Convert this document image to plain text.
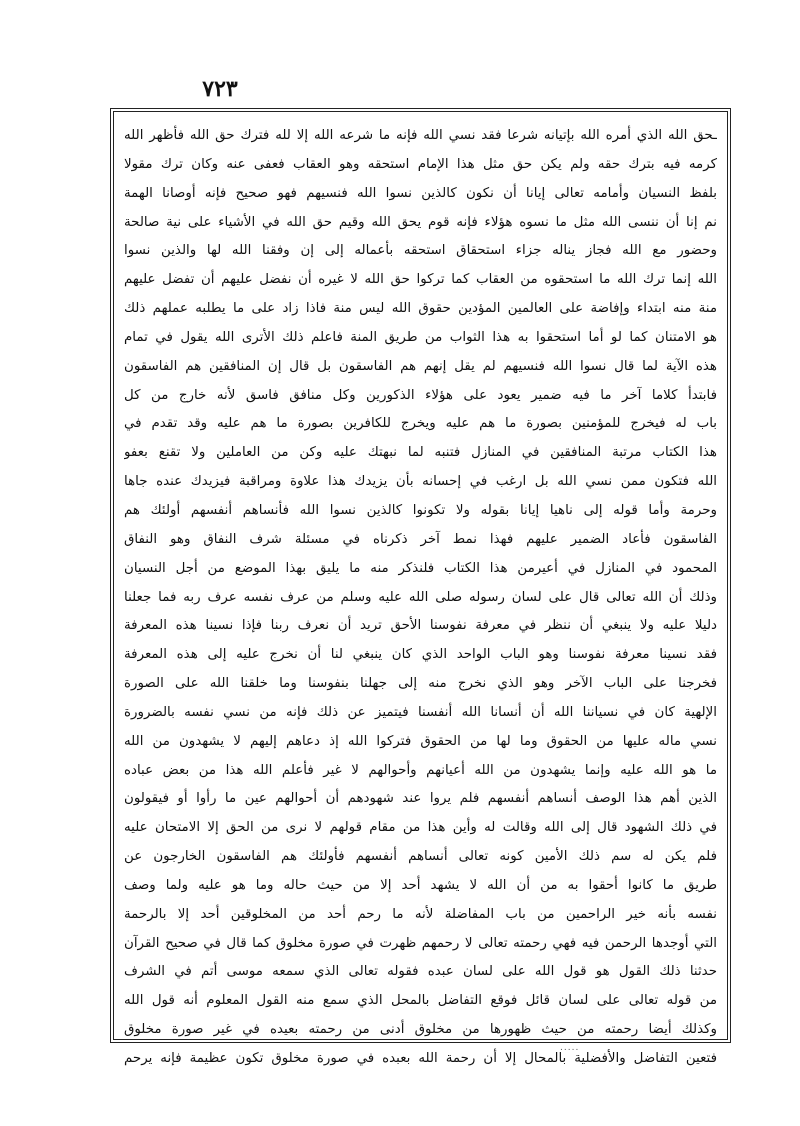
٧٢٣
ـحق الله الذي أمره الله بإتيانه شرعا فقد نسي الله فإنه ما شرعه الله إلا لله فترك حق الله فأظهر الله
كرمه فيه بترك حقه ولم يكن حق مثل هذا الإمام استحقه وهو العقاب فعفى عنه وكان ترك مقولا
بلفظ النسيان وأمامه تعالى إيانا أن نكون كالذين نسوا الله فنسيهم فهو صحيح فإنه أوصانا الهمة
نم إنا أن ننسى الله مثل ما نسوه هؤلاء فإنه قوم يحق الله وقيم حق الله في الأشياء على نية صالحة
وحضور مع الله فجاز يناله جزاء استحقاق استحقه بأعماله إلى إن وفقنا الله لها والذين نسوا
الله إنما ترك الله ما استحقوه من العقاب كما تركوا حق الله لا غيره أن نفضل عليهم أن تفضل عليهم
منة منه ابتداء وإفاضة على العالمين المؤدين حقوق الله ليس منة فاذا زاد على ما يطلبه عملهم ذلك
هو الامتنان كما لو أما استحقوا به هذا الثواب من طريق المنة فاعلم ذلك الأترى الله يقول في تمام
هذه الآية لما قال نسوا الله فنسيهم لم يقل إنهم هم الفاسقون بل قال إن المنافقين هم الفاسقون
فابتدأ كلاما آخر ما فيه ضمير يعود على هؤلاء الذكورين وكل منافق فاسق لأنه خارج من كل
باب له فيخرج للمؤمنين بصورة ما هم عليه ويخرج للكافرين بصورة ما هم عليه وقد تقدم في
هذا الكتاب مرتبة المنافقين في المنازل فتنبه لما نبهتك عليه وكن من العاملين ولا تقنع بعفو
الله فتكون ممن نسي الله بل ارغب في إحسانه بأن يزيدك هذا علاوة ومراقبة فيزيدك عنده جاها
وحرمة وأما قوله إلى ناهيا إيانا بقوله ولا تكونوا كالذين نسوا الله فأنساهم أنفسهم أولئك هم
الفاسقون فأعاد الضمير عليهم فهذا نمط آخر ذكرناه في مسئلة شرف النفاق وهو النفاق
المحمود في المنازل في أعيرمن هذا الكتاب فلنذكر منه ما يليق بهذا الموضع من أجل النسيان
وذلك أن الله تعالى قال على لسان رسوله صلى الله عليه وسلم من عرف نفسه عرف ربه فما جعلنا
دليلا عليه ولا ينبغي أن ننظر في معرفة نفوسنا الأحق تريد أن نعرف ربنا فإذا نسينا هذه المعرفة
فقد نسينا معرفة نفوسنا وهو الباب الواحد الذي كان ينبغي لنا أن نخرج عليه إلى هذه المعرفة
فخرجنا على الباب الآخر وهو الذي نخرج منه إلى جهلنا بنفوسنا وما خلقنا الله على الصورة
الإلهية كان في نسياننا الله أن أنسانا الله أنفسنا فيتميز عن ذلك فإنه من نسي نفسه بالضرورة
نسي ماله عليها من الحقوق وما لها من الحقوق فتركوا الله إذ دعاهم إليهم لا يشهدون من الله
ما هو الله عليه وإنما يشهدون من الله أعيانهم وأحوالهم لا غير فأعلم الله هذا من بعض عباده
الذين أهم هذا الوصف أنساهم أنفسهم فلم يروا عند شهودهم أن أحوالهم عين ما رأوا أو فيقولون
في ذلك الشهود قال إلى الله وقالت له وأين هذا من مقام قولهم لا نرى من الحق إلا الامتحان عليه
فلم يكن له سم ذلك الأمين كونه تعالى أنساهم أنفسهم فأولئك هم الفاسقون الخارجون عن
طريق ما كانوا أحقوا به من أن الله لا يشهد أحد إلا من حيث حاله وما هو عليه ولما وصف
نفسه بأنه خير الراحمين من باب المفاضلة لأنه ما رحم أحد من المخلوقين أحد إلا بالرحمة
التي أوجدها الرحمن فيه فهي رحمته تعالى لا رحمهم ظهرت في صورة مخلوق كما قال في صحيح القرآن
حدثنا ذلك القول هو قول الله على لسان عبده فقوله تعالى الذي سمعه موسى أتم في الشرف
من قوله تعالى على لسان قائل فوقع التفاضل بالمحل الذي سمع منه القول المعلوم أنه قول الله
وكذلك أيضا رحمته من حيث ظهورها من مخلوق أدنى من رحمته بعيده في غير صورة مخلوق
فتعين التفاضل والأفضلية بالمحال إلا أن رحمة الله بعبده في صورة مخلوق تكون عظيمة فإنه يرحم
.....
